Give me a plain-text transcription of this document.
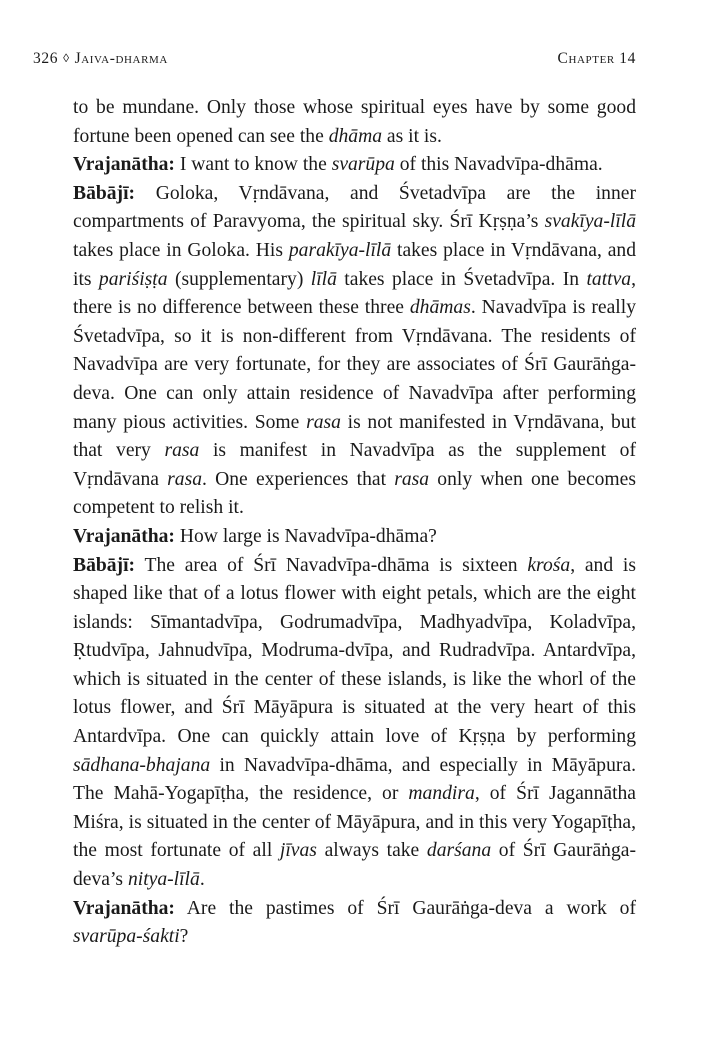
326 ◊ Jaiva-dharma	Chapter 14

to be mundane. Only those whose spiritual eyes have by some good fortune been opened can see the dhāma as it is.

Vrajanātha: I want to know the svarūpa of this Navadvīpa-dhāma.

Bābājī: Goloka, Vṛndāvana, and Śvetadvīpa are the inner compartments of Paravyoma, the spiritual sky. Śrī Kṛṣṇa’s svakīya-līlā takes place in Goloka. His parakīya-līlā takes place in Vṛndāvana, and its pariśiṣṭa (supplementary) līlā takes place in Śvetadvīpa. In tattva, there is no difference between these three dhāmas. Navadvīpa is really Śvetadvīpa, so it is non-different from Vṛndāvana. The residents of Navadvīpa are very fortunate, for they are associates of Śrī Gaurāṅga-deva. One can only attain residence of Navadvīpa after performing many pious activities. Some rasa is not manifested in Vṛndāvana, but that very rasa is manifest in Navadvīpa as the supplement of Vṛndāvana rasa. One experiences that rasa only when one becomes competent to relish it.

Vrajanātha: How large is Navadvīpa-dhāma?

Bābājī: The area of Śrī Navadvīpa-dhāma is sixteen krośa, and is shaped like that of a lotus flower with eight petals, which are the eight islands: Sīmantadvīpa, Godrumadvīpa, Madhyadvīpa, Koladvīpa, Ṛtudvīpa, Jahnudvīpa, Modruma-dvīpa, and Rudradvīpa. Antardvīpa, which is situated in the center of these islands, is like the whorl of the lotus flower, and Śrī Māyāpura is situated at the very heart of this Antardvīpa. One can quickly attain love of Kṛṣṇa by performing sādhana-bhajana in Navadvīpa-dhāma, and especially in Māyāpura. The Mahā-Yogapīṭha, the residence, or mandira, of Śrī Jagannātha Miśra, is situated in the center of Māyāpura, and in this very Yogapīṭha, the most fortunate of all jīvas always take darśana of Śrī Gaurāṅga-deva’s nitya-līlā.

Vrajanātha: Are the pastimes of Śrī Gaurāṅga-deva a work of svarūpa-śakti?
